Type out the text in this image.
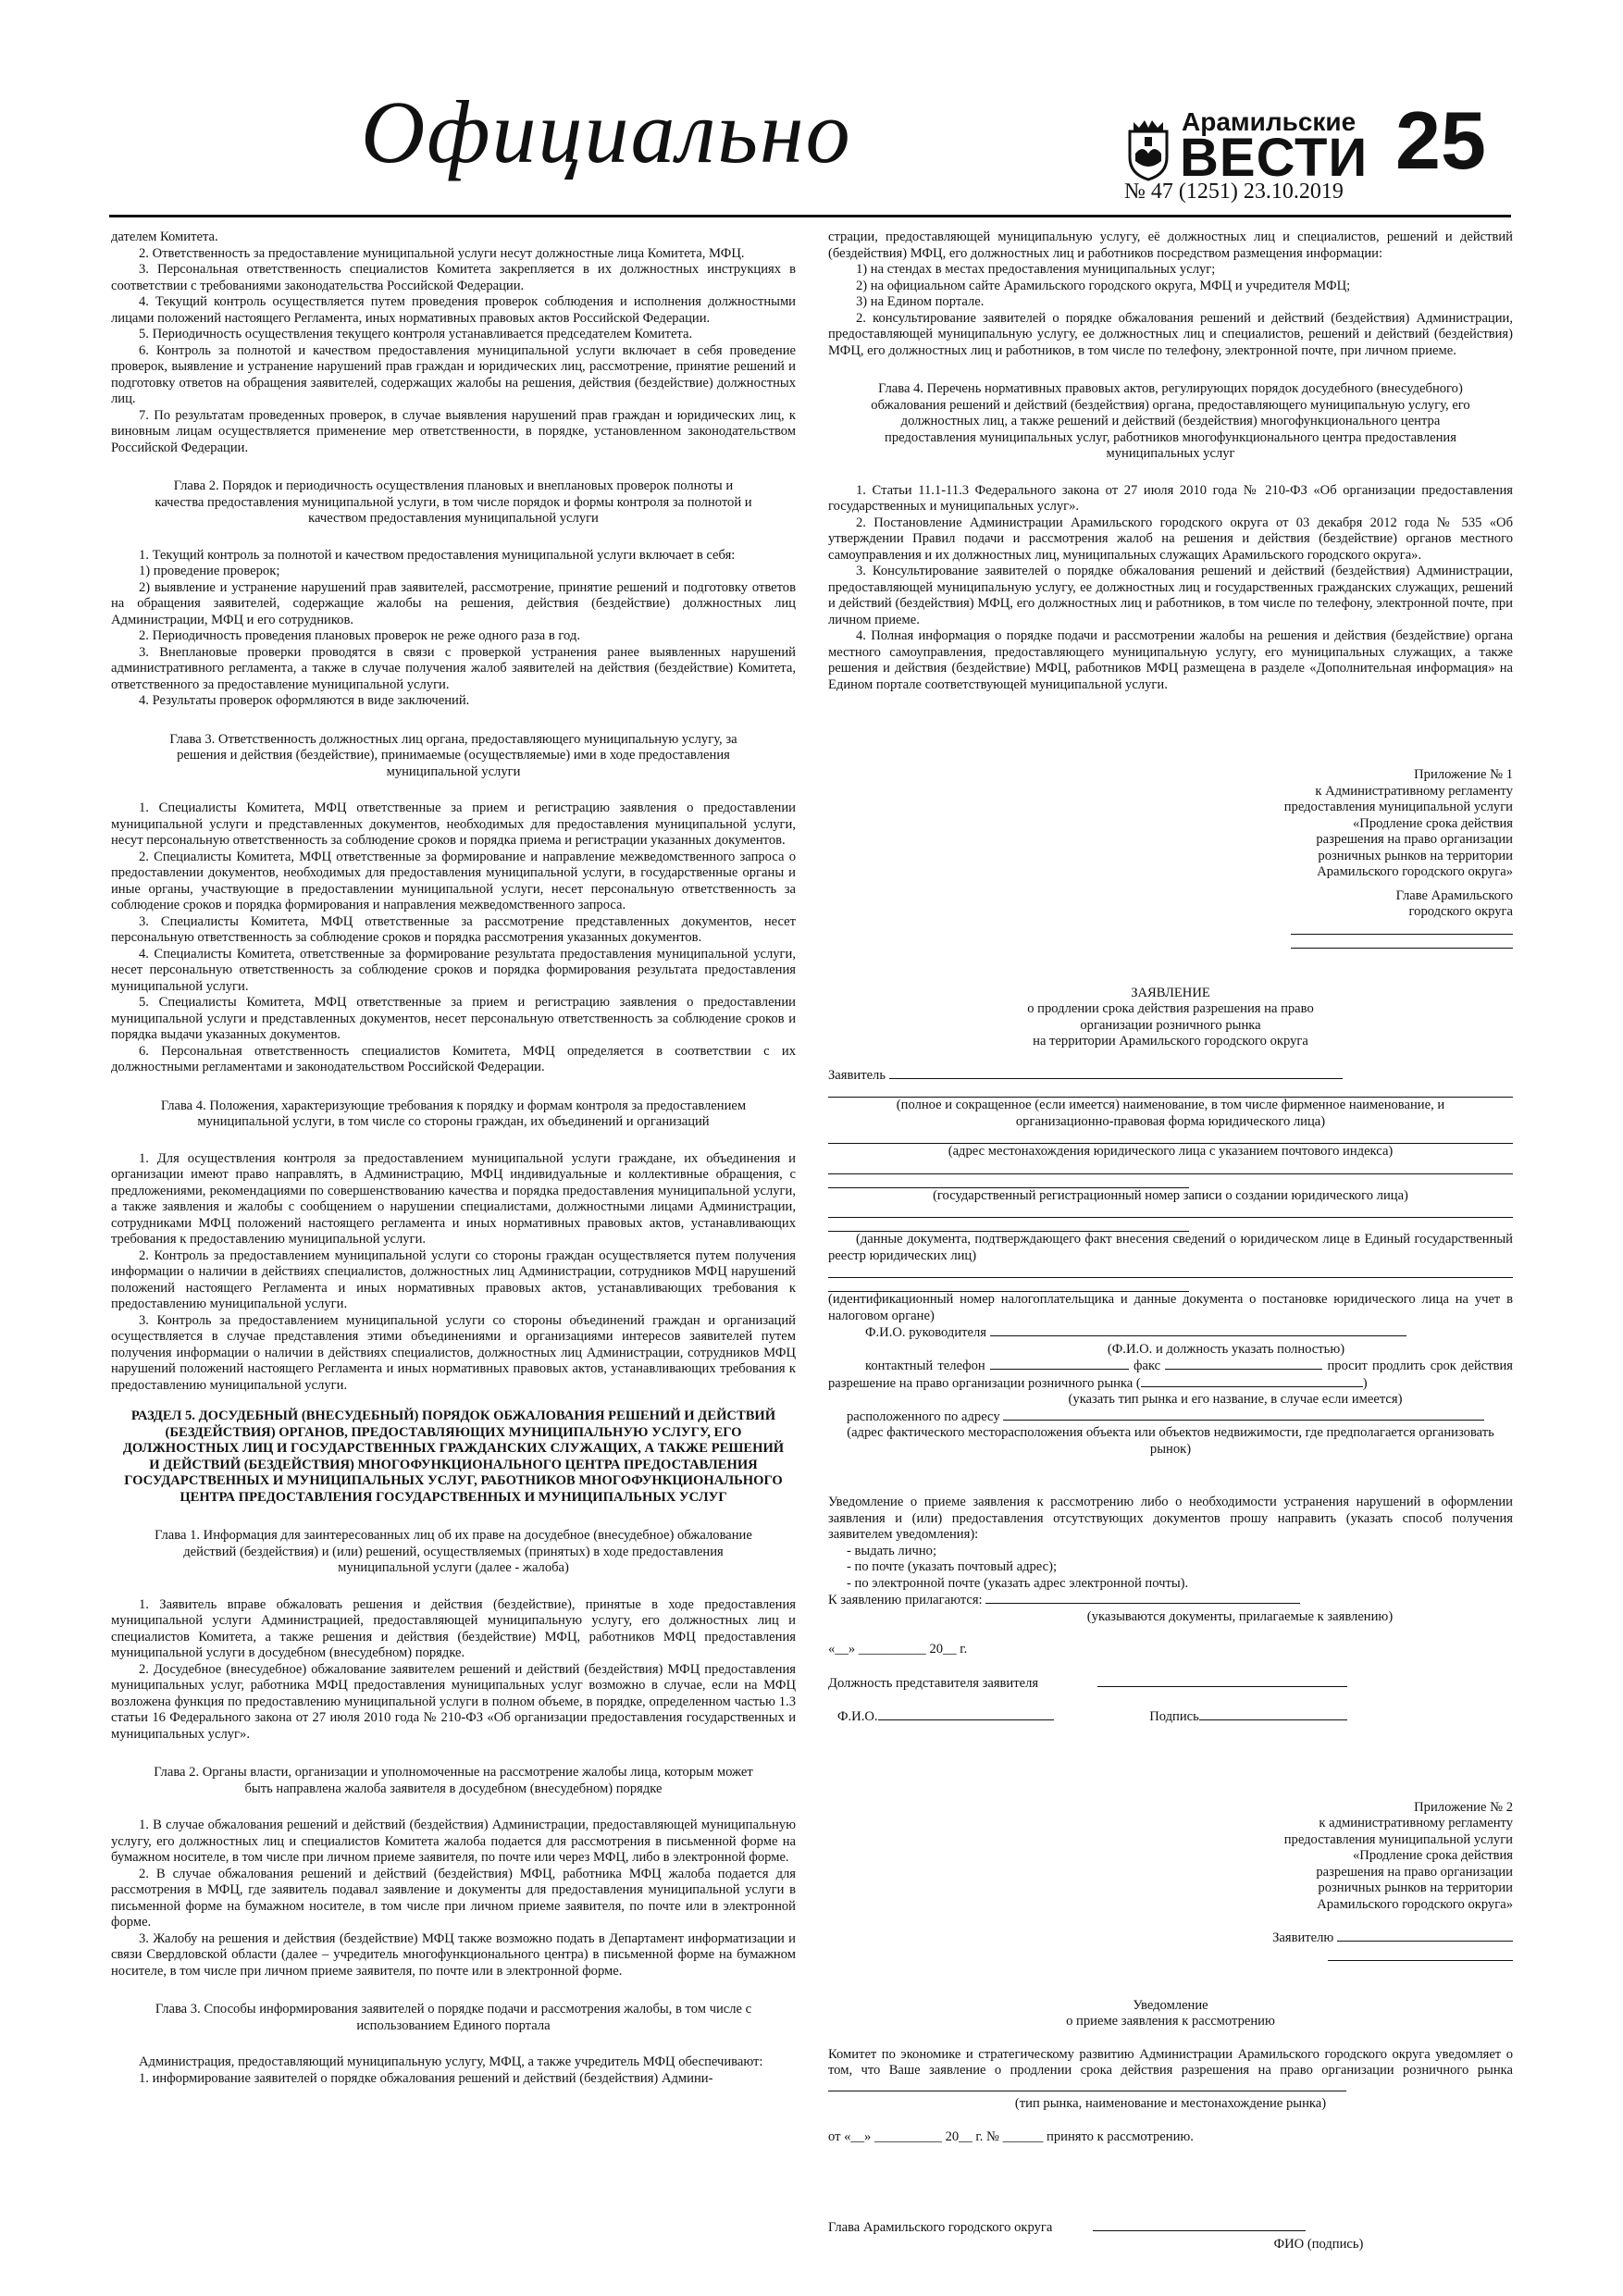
Официально	Арамильские
ВЕСТИ 25
№ 47 (1251) 23.10.2019

дателем Комитета.

2. Ответственность за предоставление муниципальной услуги несут должностные лица Комитета, МФЦ.

3. Персональная ответственность специалистов Комитета закрепляется в их должностных инструкциях в соответствии с требованиями законодательства Российской Федерации.

4. Текущий контроль осуществляется путем проведения проверок соблюдения и исполнения должностными лицами положений настоящего Регламента, иных нормативных правовых актов Российской Федерации.

5. Периодичность осуществления текущего контроля устанавливается председателем Комитета.

6. Контроль за полнотой и качеством предоставления муниципальной услуги включает в себя проведение проверок, выявление и устранение нарушений прав граждан и юридических лиц, рассмотрение, принятие решений и подготовку ответов на обращения заявителей, содержащих жалобы на решения, действия (бездействие) должностных лиц.

7. По результатам проведенных проверок, в случае выявления нарушений прав граждан и юридических лиц, к виновным лицам осуществляется применение мер ответственности, в порядке, установленном законодательством Российской Федерации.

Глава 2. Порядок и периодичность осуществления плановых и внеплановых проверок полноты и качества предоставления муниципальной услуги, в том числе порядок и формы контроля за полнотой и качеством предоставления муниципальной услуги

1. Текущий контроль за полнотой и качеством предоставления муниципальной услуги включает в себя:

1) проведение проверок;

2) выявление и устранение нарушений прав заявителей, рассмотрение, принятие решений и подготовку ответов на обращения заявителей, содержащие жалобы на решения, действия (бездействие) должностных лиц Администрации, МФЦ и его сотрудников.

2. Периодичность проведения плановых проверок не реже одного раза в год.

3. Внеплановые проверки проводятся в связи с проверкой устранения ранее выявленных нарушений административного регламента, а также в случае получения жалоб заявителей на действия (бездействие) Комитета, ответственного за предоставление муниципальной услуги.

4. Результаты проверок оформляются в виде заключений.

Глава 3. Ответственность должностных лиц органа, предоставляющего муниципальную услугу, за решения и действия (бездействие), принимаемые (осуществляемые) ими в ходе предоставления муниципальной услуги

1. Специалисты Комитета, МФЦ ответственные за прием и регистрацию заявления о предоставлении муниципальной услуги и представленных документов, необходимых для предоставления муниципальной услуги, несут персональную ответственность за соблюдение сроков и порядка приема и регистрации указанных документов.

2. Специалисты Комитета, МФЦ ответственные за формирование и направление межведомственного запроса о предоставлении документов, необходимых для предоставления муниципальной услуги, в государственные органы и иные органы, участвующие в предоставлении муниципальной услуги, несет персональную ответственность за соблюдение сроков и порядка формирования и направления межведомственного запроса.

3. Специалисты Комитета, МФЦ ответственные за рассмотрение представленных документов, несет персональную ответственность за соблюдение сроков и порядка рассмотрения указанных документов.

4. Специалисты Комитета, ответственные за формирование результата предоставления муниципальной услуги, несет персональную ответственность за соблюдение сроков и порядка формирования результата предоставления муниципальной услуги.

5. Специалисты Комитета, МФЦ ответственные за прием и регистрацию заявления о предоставлении муниципальной услуги и представленных документов, несет персональную ответственность за соблюдение сроков и порядка выдачи указанных документов.

6. Персональная ответственность специалистов Комитета, МФЦ определяется в соответствии с их должностными регламентами и законодательством Российской Федерации.

Глава 4. Положения, характеризующие требования к порядку и формам контроля за предоставлением муниципальной услуги, в том числе со стороны граждан, их объединений и организаций

1. Для осуществления контроля за предоставлением муниципальной услуги граждане, их объединения и организации имеют право направлять, в Администрацию, МФЦ индивидуальные и коллективные обращения, с предложениями, рекомендациями по совершенствованию качества и порядка предоставления муниципальной услуги, а также заявления и жалобы с сообщением о нарушении специалистами, должностными лицами Администрации, сотрудниками МФЦ положений настоящего регламента и иных нормативных правовых актов, устанавливающих требования к предоставлению муниципальной услуги.

2. Контроль за предоставлением муниципальной услуги со стороны граждан осуществляется путем получения информации о наличии в действиях специалистов, должностных лиц Администрации, сотрудников МФЦ нарушений положений настоящего Регламента и иных нормативных правовых актов, устанавливающих требования к предоставлению муниципальной услуги.

3. Контроль за предоставлением муниципальной услуги со стороны объединений граждан и организаций осуществляется в случае представления этими объединениями и организациями интересов заявителей путем получения информации о наличии в действиях специалистов, должностных лиц Администрации, сотрудников МФЦ нарушений положений настоящего Регламента и иных нормативных правовых актов, устанавливающих требования к предоставлению муниципальной услуги.

РАЗДЕЛ 5. ДОСУДЕБНЫЙ (ВНЕСУДЕБНЫЙ) ПОРЯДОК ОБЖАЛОВАНИЯ РЕШЕНИЙ И ДЕЙСТВИЙ (БЕЗДЕЙСТВИЯ) ОРГАНОВ, ПРЕДОСТАВЛЯЮЩИХ МУНИЦИПАЛЬНУЮ УСЛУГУ, ЕГО ДОЛЖНОСТНЫХ ЛИЦ И ГОСУДАРСТВЕННЫХ ГРАЖДАНСКИХ СЛУЖАЩИХ, А ТАКЖЕ РЕШЕНИЙ И ДЕЙСТВИЙ (БЕЗДЕЙСТВИЯ) МНОГОФУНКЦИОНАЛЬНОГО ЦЕНТРА ПРЕДОСТАВЛЕНИЯ ГОСУДАРСТВЕННЫХ И МУНИЦИПАЛЬНЫХ УСЛУГ, РАБОТНИКОВ МНОГОФУНКЦИОНАЛЬНОГО ЦЕНТРА ПРЕДОСТАВЛЕНИЯ ГОСУДАРСТВЕННЫХ И МУНИЦИПАЛЬНЫХ УСЛУГ

Глава 1. Информация для заинтересованных лиц об их праве на досудебное (внесудебное) обжалование действий (бездействия) и (или) решений, осуществляемых (принятых) в ходе предоставления муниципальной услуги (далее - жалоба)

1. Заявитель вправе обжаловать решения и действия (бездействие), принятые в ходе предоставления муниципальной услуги Администрацией, предоставляющей муниципальную услугу, его должностных лиц и специалистов Комитета, а также решения и действия (бездействие) МФЦ, работников МФЦ предоставления муниципальной услуги в досудебном (внесудебном) порядке.

2. Досудебное (внесудебное) обжалование заявителем решений и действий (бездействия) МФЦ предоставления муниципальных услуг, работника МФЦ предоставления муниципальных услуг возможно в случае, если на МФЦ возложена функция по предоставлению муниципальной услуги в полном объеме, в порядке, определенном частью 1.3 статьи 16 Федерального закона от 27 июля 2010 года № 210-ФЗ «Об организации предоставления государственных и муниципальных услуг».

Глава 2. Органы власти, организации и уполномоченные на рассмотрение жалобы лица, которым может быть направлена жалоба заявителя в досудебном (внесудебном) порядке

1. В случае обжалования решений и действий (бездействия) Администрации, предоставляющей муниципальную услугу, его должностных лиц и специалистов Комитета жалоба подается для рассмотрения в письменной форме на бумажном носителе, в том числе при личном приеме заявителя, по почте или через МФЦ, либо в электронной форме.

2. В случае обжалования решений и действий (бездействия) МФЦ, работника МФЦ жалоба подается для рассмотрения в МФЦ, где заявитель подавал заявление и документы для предоставления муниципальной услуги в письменной форме на бумажном носителе, в том числе при личном приеме заявителя, по почте или в электронной форме.

3. Жалобу на решения и действия (бездействие) МФЦ также возможно подать в Департамент информатизации и связи Свердловской области (далее – учредитель многофункционального центра) в письменной форме на бумажном носителе, в том числе при личном приеме заявителя, по почте или в электронной форме.

Глава 3. Способы информирования заявителей о порядке подачи и рассмотрения жалобы, в том числе с использованием Единого портала

Администрация, предоставляющий муниципальную услугу, МФЦ, а также учредитель МФЦ обеспечивают:

1. информирование заявителей о порядке обжалования решений и действий (бездействия) Админи-

страции, предоставляющей муниципальную услугу, её должностных лиц и специалистов, решений и действий (бездействия) МФЦ, его должностных лиц и работников посредством размещения информации:

1) на стендах в местах предоставления муниципальных услуг;

2) на официальном сайте Арамильского городского округа, МФЦ и учредителя МФЦ;

3) на Едином портале.

2. консультирование заявителей о порядке обжалования решений и действий (бездействия) Администрации, предоставляющей муниципальную услугу, ее должностных лиц и специалистов, решений и действий (бездействия) МФЦ, его должностных лиц и работников, в том числе по телефону, электронной почте, при личном приеме.

Глава 4. Перечень нормативных правовых актов, регулирующих порядок досудебного (внесудебного) обжалования решений и действий (бездействия) органа, предоставляющего муниципальную услугу, его должностных лиц, а также решений и действий (бездействия) многофункционального центра предоставления муниципальных услуг, работников многофункционального центра предоставления муниципальных услуг

1. Статьи 11.1-11.3 Федерального закона от 27 июля 2010 года № 210-ФЗ «Об организации предоставления государственных и муниципальных услуг».

2. Постановление Администрации Арамильского городского округа от 03 декабря 2012 года № 535 «Об утверждении Правил подачи и рассмотрения жалоб на решения и действия (бездействие) органов местного самоуправления и их должностных лиц, муниципальных служащих Арамильского городского округа».

3. Консультирование заявителей о порядке обжалования решений и действий (бездействия) Администрации, предоставляющей муниципальную услугу, ее должностных лиц и государственных гражданских служащих, решений и действий (бездействия) МФЦ, его должностных лиц и работников, в том числе по телефону, электронной почте, при личном приеме.

4. Полная информация о порядке подачи и рассмотрении жалобы на решения и действия (бездействие) органа местного самоуправления, предоставляющего муниципальную услугу, его муниципальных служащих, а также решения и действия (бездействие) МФЦ, работников МФЦ размещена в разделе «Дополнительная информация» на Едином портале соответствующей муниципальной услуги.

Приложение № 1

к Административному регламенту

предоставления муниципальной услуги

«Продление срока действия

разрешения на право организации

розничных рынков на территории

Арамильского городского округа»

Главе Арамильского

городского округа

ЗАЯВЛЕНИЕ

о продлении срока действия разрешения на право

организации розничного рынка

на территории Арамильского городского округа

Заявитель

(полное и сокращенное (если имеется) наименование, в том числе фирменное наименование, и организационно-правовая форма юридического лица)

(адрес местонахождения юридического лица с указанием почтового индекса)

(государственный регистрационный номер записи о создании юридического лица)

(данные документа, подтверждающего факт внесения сведений о юридическом лице в Единый государственный реестр юридических лиц)

(идентификационный номер налогоплательщика и данные документа о постановке юридического лица на учет в налоговом органе)

Ф.И.О. руководителя

(Ф.И.О. и должность указать полностью)

контактный телефон	факс	просит продлить срок действия разрешение на право организации розничного рынка (	)

(указать тип рынка и его название, в случае если имеется)

расположенного по адресу

(адрес фактического месторасположения объекта или объектов недвижимости, где предполагается организовать рынок)

Уведомление о приеме заявления к рассмотрению либо о необходимости устранения нарушений в оформлении заявления и (или) предоставления отсутствующих документов прошу направить (указать способ получения заявителем уведомления):

- выдать лично;

- по почте (указать почтовый адрес);

- по электронной почте (указать адрес электронной почты).

К заявлению прилагаются:

(указываются документы, прилагаемые к заявлению)

«__» __________ 20__ г.

Должность представителя заявителя

Ф.И.О.	Подпись

Приложение № 2

к административному регламенту

предоставления муниципальной услуги

«Продление срока действия

разрешения на право организации

розничных рынков на территории

Арамильского городского округа»

Заявителю

Уведомление

о приеме заявления к рассмотрению

Комитет по экономике и стратегическому развитию Администрации Арамильского городского округа уведомляет о том, что Ваше заявление о продлении срока действия разрешения на право организации розничного рынка

(тип рынка, наименование и местонахождение рынка)

от «__» __________ 20__ г. № ______ принято к рассмотрению.

Глава Арамильского городского округа

ФИО (подпись)
